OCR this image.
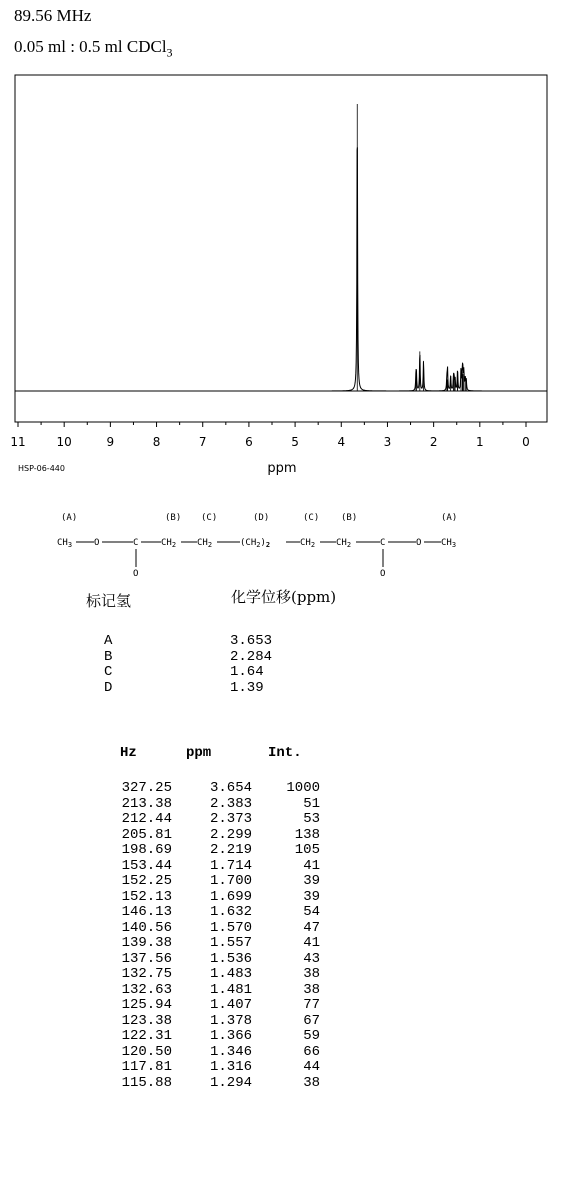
89.56 MHz
0.05 ml : 0.5 ml CDCl$_3$
11	10	9	8	7	6	5	4	3	2	1	0
HSP-06-440	ppm
(A)	(B) (C)	(D)	(C) (B)	(A)
$CH_3$ O	C
O
$CH_2$ $CH_2$	$(CH_2)_2$	$CH_2$ $CH_2$	C
O
O $CH_3$
标记氢	化学位移(ppm)
A	3.653
B	2.284
C	1.64
D	1.39
Hz	ppm	Int.
327.25	3.654	1000
213.38	2.383	51
212.44	2.373	53
205.81	2.299	138
198.69	2.219	105
153.44	1.714	41
152.25	1.700	39
152.13	1.699	39
146.13	1.632	54
140.56	1.570	47
139.38	1.557	41
137.56	1.536	43
132.75	1.483	38
132.63	1.481	38
125.94	1.407	77
123.38	1.378	67
122.31	1.366	59
120.50	1.346	66
117.81	1.316	44
115.88	1.294	38
